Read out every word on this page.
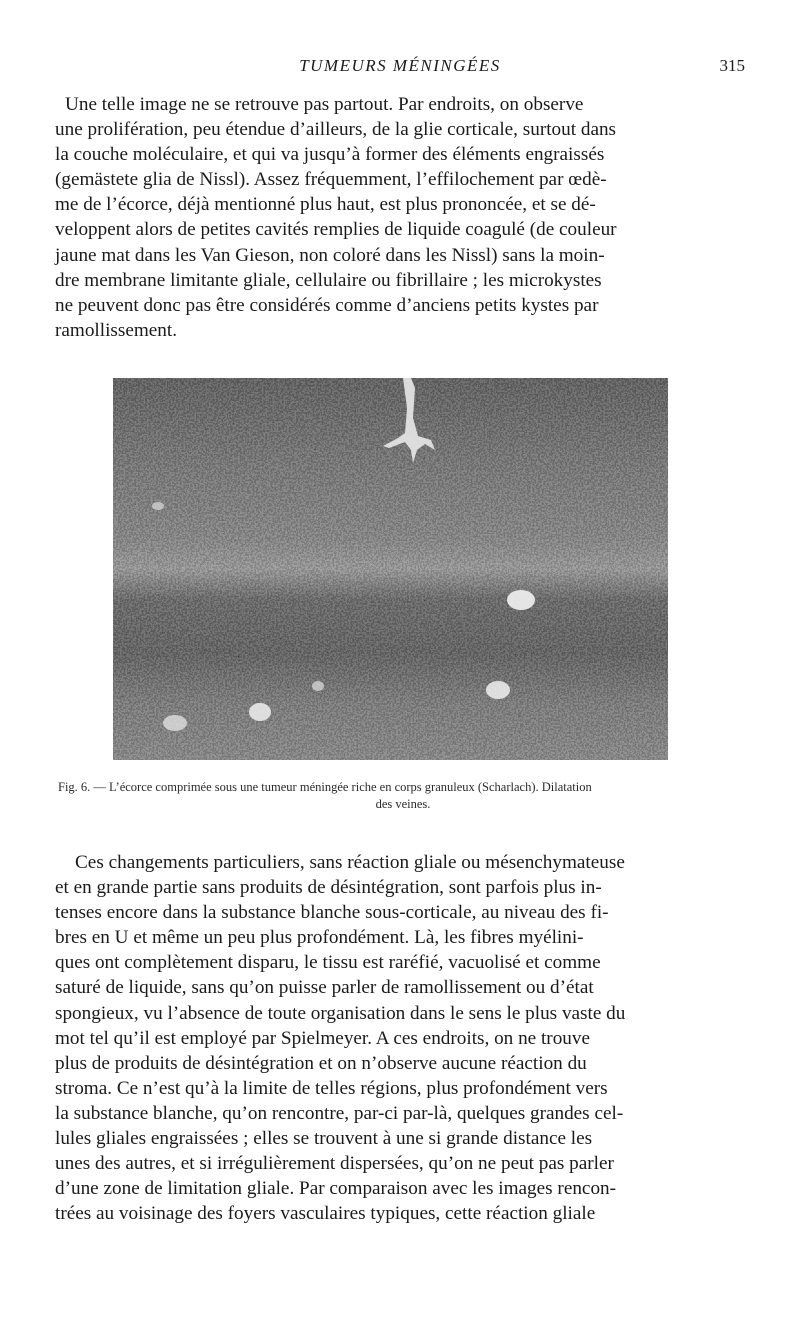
TUMEURS MÉNINGÉES	315
Une telle image ne se retrouve pas partout. Par endroits, on observe
une prolifération, peu étendue d’ailleurs, de la glie corticale, surtout dans
la couche moléculaire, et qui va jusqu’à former des éléments engraissés
(gemästete glia de Nissl). Assez fréquemment, l’effilochement par œdè-
me de l’écorce, déjà mentionné plus haut, est plus prononcée, et se dé-
veloppent alors de petites cavités remplies de liquide coagulé (de couleur
jaune mat dans les Van Gieson, non coloré dans les Nissl) sans la moin-
dre membrane limitante gliale, cellulaire ou fibrillaire ; les microkystes
ne peuvent donc pas être considérés comme d’anciens petits kystes par
ramollissement.
Fig. 6. — L’écorce comprimée sous une tumeur méningée riche en corps granuleux (Scharlach). Dilatation
des veines.
Ces changements particuliers, sans réaction gliale ou mésenchymateuse
et en grande partie sans produits de désintégration, sont parfois plus in-
tenses encore dans la substance blanche sous-corticale, au niveau des fi-
bres en U et même un peu plus profondément. Là, les fibres myélini-
ques ont complètement disparu, le tissu est raréfié, vacuolisé et comme
saturé de liquide, sans qu’on puisse parler de ramollissement ou d’état
spongieux, vu l’absence de toute organisation dans le sens le plus vaste du
mot tel qu’il est employé par Spielmeyer. A ces endroits, on ne trouve
plus de produits de désintégration et on n’observe aucune réaction du
stroma. Ce n’est qu’à la limite de telles régions, plus profondément vers
la substance blanche, qu’on rencontre, par-ci par-là, quelques grandes cel-
lules gliales engraissées ; elles se trouvent à une si grande distance les
unes des autres, et si irrégulièrement dispersées, qu’on ne peut pas parler
d’une zone de limitation gliale. Par comparaison avec les images rencon-
trées au voisinage des foyers vasculaires typiques, cette réaction gliale
